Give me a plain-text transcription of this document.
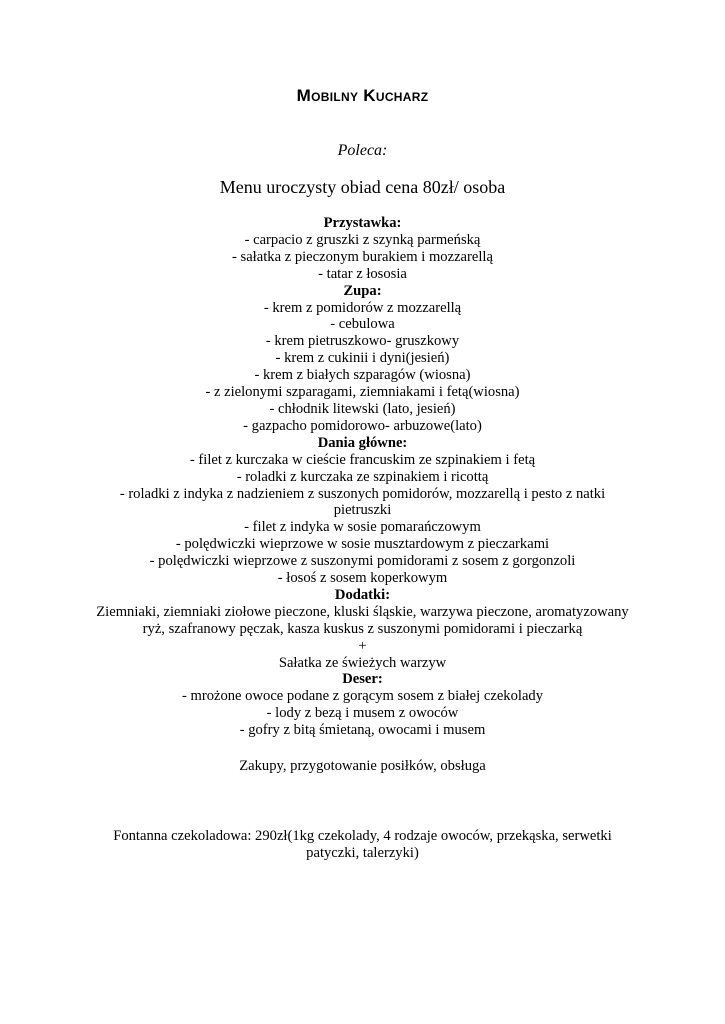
Mobilny Kucharz
Poleca:
Menu uroczysty obiad cena 80zł/ osoba
Przystawka:
- carpacio z gruszki z szynką parmeńską
- sałatka z pieczonym burakiem i mozzarellą
- tatar z łososia
Zupa:
- krem z pomidorów z mozzarellą
- cebulowa
- krem pietruszkowo- gruszkowy
- krem z cukinii i dyni(jesień)
- krem z białych szparagów (wiosna)
- z zielonymi szparagami, ziemniakami i fetą(wiosna)
- chłodnik litewski (lato, jesień)
- gazpacho pomidorowo- arbuzowe(lato)
Dania główne:
- filet z kurczaka w cieście francuskim ze szpinakiem i fetą
- roladki z kurczaka ze szpinakiem i ricottą
- roladki z indyka z nadzieniem z suszonych pomidorów, mozzarellą i pesto z natki pietruszki
- filet z indyka w sosie pomarańczowym
- polędwiczki wieprzowe w sosie musztardowym z pieczarkami
- polędwiczki wieprzowe z suszonymi pomidorami z sosem z gorgonzoli
- łosoś z sosem koperkowym
Dodatki:
Ziemniaki, ziemniaki ziołowe pieczone, kluski śląskie, warzywa pieczone, aromatyzowany ryż, szafranowy pęczak, kasza kuskus z suszonymi pomidorami i pieczarką
+
Sałatka ze świeżych warzyw
Deser:
- mrożone owoce podane z gorącym sosem z białej czekolady
- lody z bezą i musem z owoców
- gofry z bitą śmietaną, owocami i musem
Zakupy, przygotowanie posiłków, obsługa
Fontanna czekoladowa: 290zł(1kg czekolady, 4 rodzaje owoców, przekąska, serwetki patyczki, talerzyki)
